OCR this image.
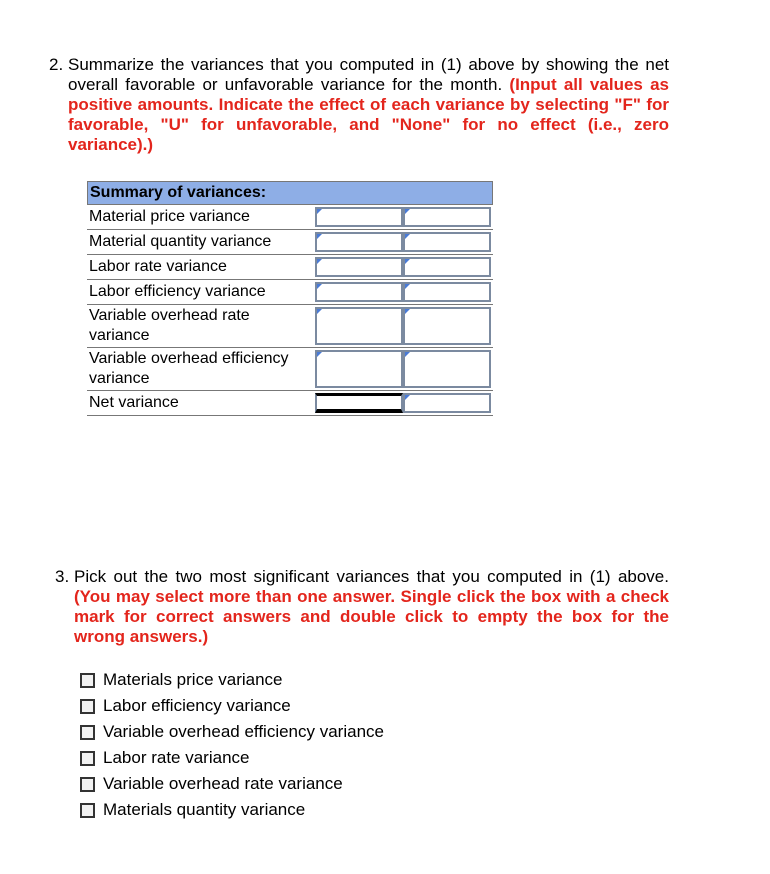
2. Summarize the variances that you computed in (1) above by showing the net overall favorable or unfavorable variance for the month. (Input all values as positive amounts. Indicate the effect of each variance by selecting "F" for favorable, "U" for unfavorable, and "None" for no effect (i.e., zero variance).)
Summary of variances:
Material price variance
Material quantity variance
Labor rate variance
Labor efficiency variance
Variable overhead rate variance
Variable overhead efficiency variance
Net variance
3. Pick out the two most significant variances that you computed in (1) above. (You may select more than one answer. Single click the box with a check mark for correct answers and double click to empty the box for the wrong answers.)
Materials price variance
Labor efficiency variance
Variable overhead efficiency variance
Labor rate variance
Variable overhead rate variance
Materials quantity variance
